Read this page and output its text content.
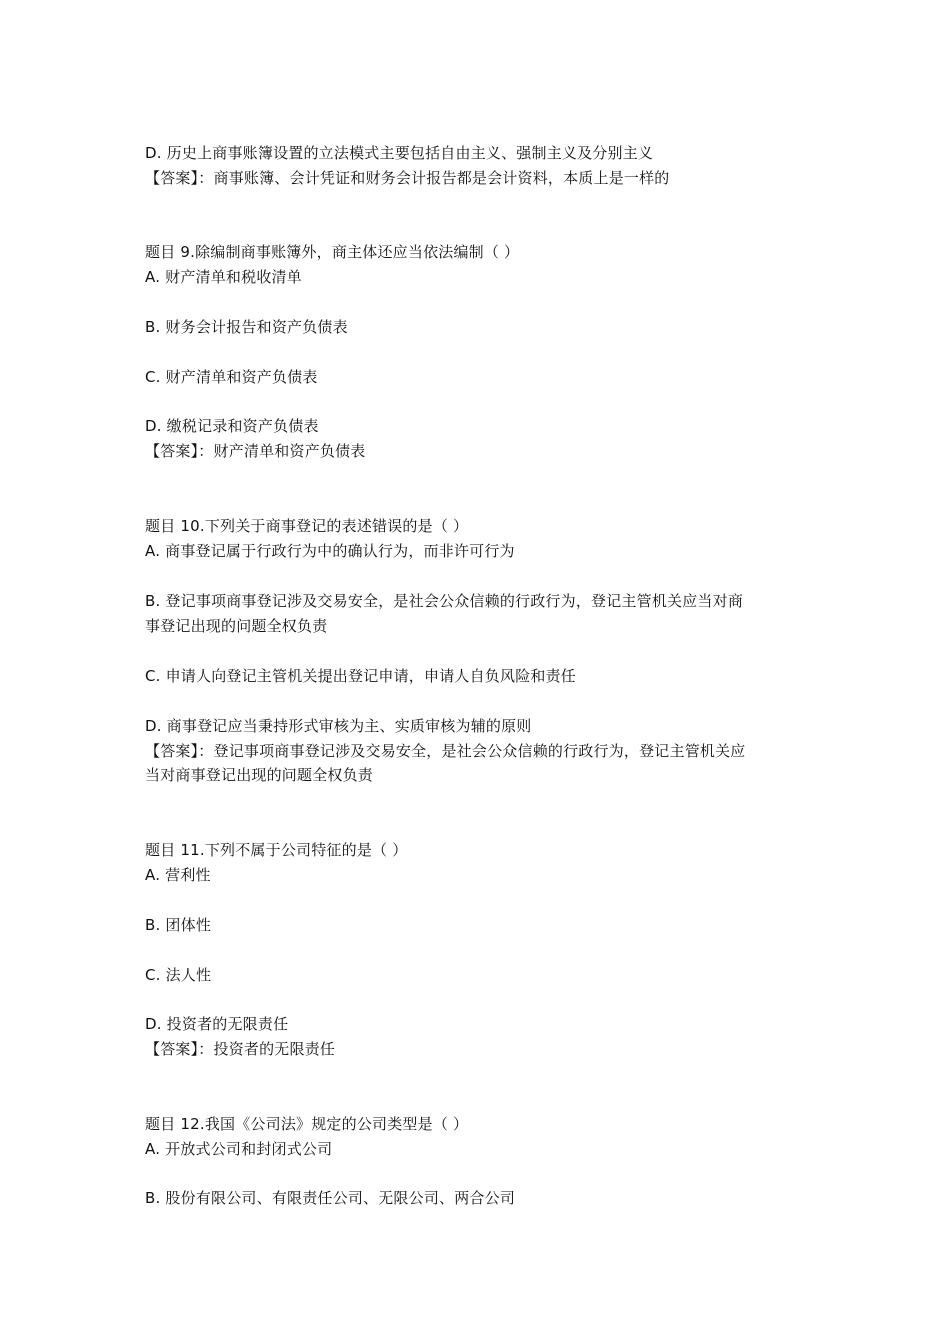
D. 历史上商事账簿设置的立法模式主要包括自由主义、强制主义及分别主义
【答案】：商事账簿、会计凭证和财务会计报告都是会计资料，本质上是一样的
题目 9.除编制商事账簿外，商主体还应当依法编制（ ）
A. 财产清单和税收清单
B. 财务会计报告和资产负债表
C. 财产清单和资产负债表
D. 缴税记录和资产负债表
【答案】：财产清单和资产负债表
题目 10.下列关于商事登记的表述错误的是（ ）
A. 商事登记属于行政行为中的确认行为，而非许可行为
B. 登记事项商事登记涉及交易安全，是社会公众信赖的行政行为，登记主管机关应当对商
事登记出现的问题全权负责
C. 申请人向登记主管机关提出登记申请，申请人自负风险和责任
D. 商事登记应当秉持形式审核为主、实质审核为辅的原则
【答案】：登记事项商事登记涉及交易安全，是社会公众信赖的行政行为，登记主管机关应
当对商事登记出现的问题全权负责
题目 11.下列不属于公司特征的是（ ）
A. 营利性
B. 团体性
C. 法人性
D. 投资者的无限责任
【答案】：投资者的无限责任
题目 12.我国《公司法》规定的公司类型是（ ）
A. 开放式公司和封闭式公司
B. 股份有限公司、有限责任公司、无限公司、两合公司
